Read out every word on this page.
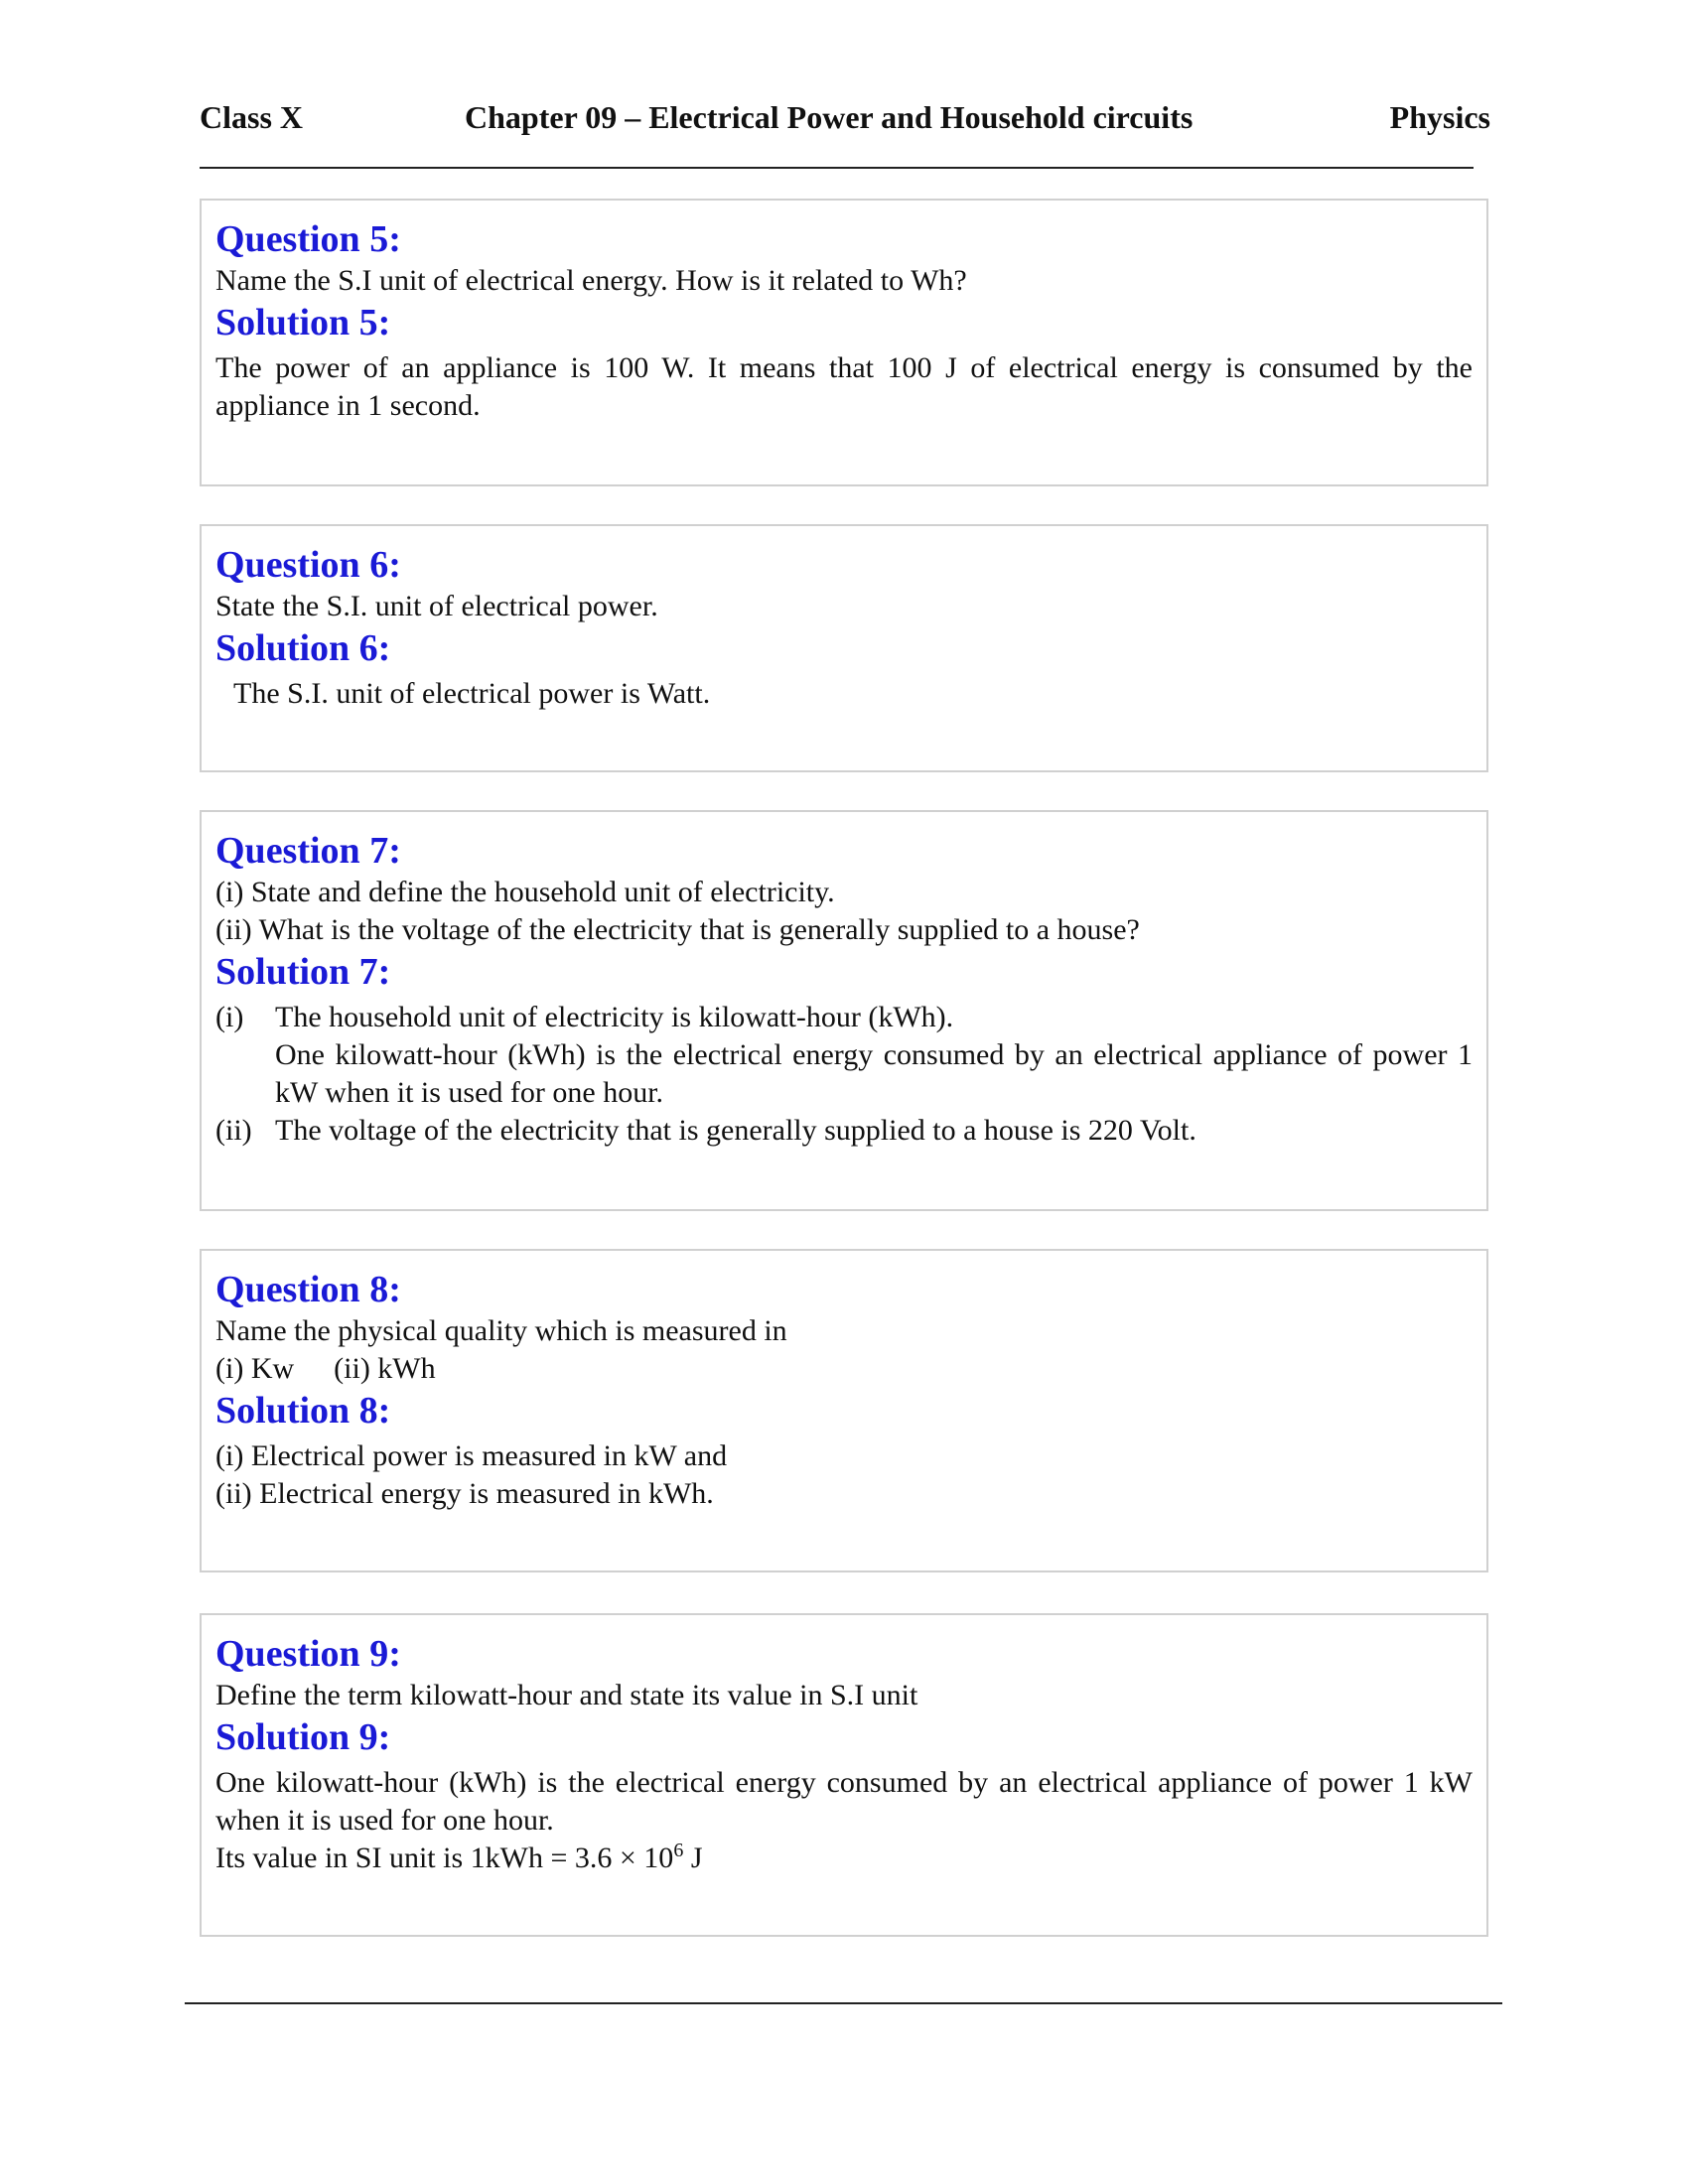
Class X	Chapter 09 – Electrical Power and Household circuits	Physics
Question 5:
Name the S.I unit of electrical energy. How is it related to Wh?
Solution 5:
The power of an appliance is 100 W. It means that 100 J of electrical energy is consumed by the appliance in 1 second.
Question 6:
State the S.I. unit of electrical power.
Solution 6:
The S.I. unit of electrical power is Watt.
Question 7:
(i) State and define the household unit of electricity.
(ii) What is the voltage of the electricity that is generally supplied to a house?
Solution 7:
(i)	The household unit of electricity is kilowatt-hour (kWh).
One kilowatt-hour (kWh) is the electrical energy consumed by an electrical appliance of power 1 kW when it is used for one hour.
(ii) The voltage of the electricity that is generally supplied to a house is 220 Volt.
Question 8:
Name the physical quality which is measured in
(i) Kw (ii) kWh
Solution 8:
(i) Electrical power is measured in kW and
(ii) Electrical energy is measured in kWh.
Question 9:
Define the term kilowatt-hour and state its value in S.I unit
Solution 9:
One kilowatt-hour (kWh) is the electrical energy consumed by an electrical appliance of power 1 kW when it is used for one hour.
Its value in SI unit is $1kWh = 3.6 \times 10^6$ J
